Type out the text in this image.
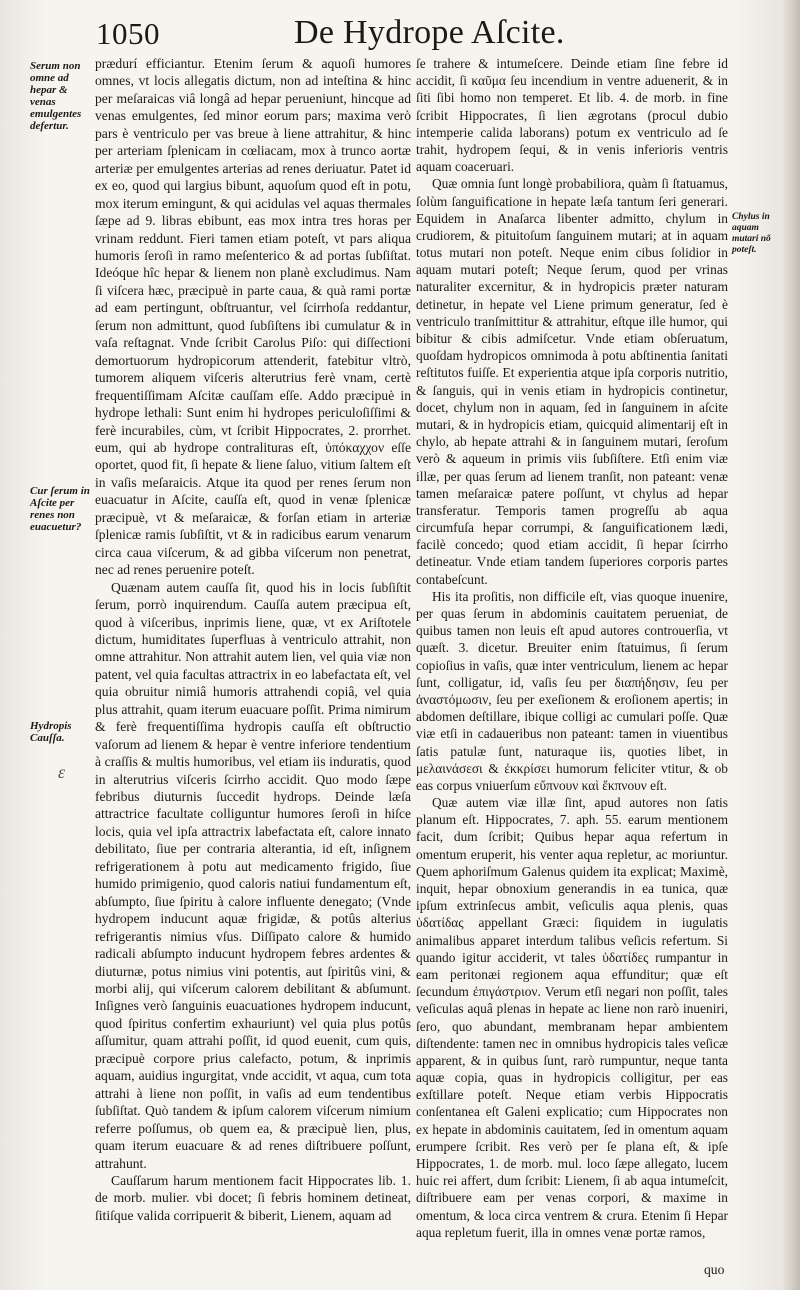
1050	De Hydrope Aſcite.
Serum non omne ad hepar & venas emulgentes defertur.
Cur ſerum in Aſcite per renes non euacuetur?
Hydropis Cauſſa.
ɛ
Chylus in aquam mutari nõ poteſt.

prædurí efficiantur. Etenim ſerum & aquoſi humores omnes, vt locis allegatis dictum, non ad inteſtina & hinc per meſaraicas viâ longâ ad hepar perueniunt, hincque ad venas emulgentes, ſed minor eorum pars; maxima verò pars è ventriculo per vas breue à liene attrahitur, & hinc per arteriam ſplenicam in cœliacam, mox à trunco aortæ arteriæ per emulgentes arterias ad renes deriuatur. Patet id ex eo, quod qui largius bibunt, aquoſum quod eſt in potu, mox iterum emingunt, & qui acidulas vel aquas thermales ſæpe ad 9. libras ebibunt, eas mox intra tres horas per vrinam reddunt. Fieri tamen etiam poteſt, vt pars aliqua humoris ſeroſi in ramo meſenterico & ad portas ſubſiſtat. Ideóque hîc hepar & lienem non planè excludimus. Nam ſi viſcera hæc, præcipuè in parte caua, & quà rami portæ ad eam pertingunt, obſtruantur, vel ſcirrhoſa reddantur, ſerum non admittunt, quod ſubſiſtens ibi cumulatur & in vaſa reſtagnat. Vnde ſcribit Carolus Piſo: qui diſſectioni demortuorum hydropicorum attenderit, fatebitur vltrò, tumorem aliquem viſceris alterutrius ferè vnam, certè frequentiſſimam Aſcitæ cauſſam eſſe. Addo præcipuè in hydrope lethali: Sunt enim hi hydropes periculoſiſſimi & ferè incurabiles, cùm, vt ſcribit Hippocrates, 2. prorrhet. eum, qui ab hydrope contralituras eſt, ὑπόκαχχον eſſe oportet, quod fit, ſi hepate & liene ſaluo, vitium ſaltem eſt in vaſis meſaraicis. Atque ita quod per renes ſerum non euacuatur in Aſcite, cauſſa eſt, quod in venæ ſplenicæ præcipuè, vt & meſaraicæ, & forſan etiam in arteriæ ſplenicæ ramis ſubſiſtit, vt & in radicibus earum venarum circa caua viſcerum, & ad gibba viſcerum non penetrat, nec ad renes peruenire poteſt.

Quænam autem cauſſa ſit, quod his in locis ſubſiſtit ſerum, porrò inquirendum. Cauſſa autem præcipua eſt, quod à viſceribus, inprimis liene, quæ, vt ex Ariſtotele dictum, humiditates ſuperfluas à ventriculo attrahit, non omne attrahitur. Non attrahit autem lien, vel quia viæ non patent, vel quia facultas attractrix in eo labefactata eſt, vel quia obruitur nimiâ humoris attrahendi copiâ, vel quia plus attrahit, quam iterum euacuare poſſit. Prima nimirum & ferè frequentiſſima hydropis cauſſa eſt obſtructio vaſorum ad lienem & hepar è ventre inferiore tendentium à craſſis & multis humoribus, vel etiam iis induratis, quod in alterutrius viſceris ſcirrho accidit. Quo modo ſæpe febribus diuturnis ſuccedit hydrops. Deinde læſa attractrice facultate colliguntur humores ſeroſi in hiſce locis, quia vel ipſa attractrix labefactata eſt, calore innato debilitato, ſiue per contraria alterantia, id eſt, inſignem refrigerationem à potu aut medicamento frigido, ſiue humido primigenio, quod caloris natiui fundamentum eſt, abſumpto, ſiue ſpiritu à calore influente denegato; (Vnde hydropem inducunt aquæ frigidæ, & potûs alterius refrigerantis nimius vſus. Diſſipato calore & humido radicali abſumpto inducunt hydropem febres ardentes & diuturnæ, potus nimius vini potentis, aut ſpiritûs vini, & morbi alij, qui viſcerum calorem debilitant & abſumunt. Inſignes verò ſanguinis euacuationes hydropem inducunt, quod ſpiritus confertim exhauriunt) vel quia plus potûs aſſumitur, quam attrahi poſſit, id quod euenit, cum quis, præcipuè corpore prius calefacto, potum, & inprimis aquam, auidius ingurgitat, vnde accidit, vt aqua, cum tota attrahi à liene non poſſit, in vaſis ad eum tendentibus ſubſiſtat. Quò tandem & ipſum calorem viſcerum nimium referre poſſumus, ob quem ea, & præcipuè lien, plus, quam iterum euacuare & ad renes diſtribuere poſſunt, attrahunt.

Cauſſarum harum mentionem facit Hippocrates lib. 1. de morb. mulier. vbi docet; ſi febris hominem detineat, ſitiſque valida corripuerit & biberit, Lienem, aquam ad

ſe trahere & intumeſcere. Deinde etiam ſine febre id accidit, ſi καῦμα ſeu incendium in ventre aduenerit, & in ſiti ſibi homo non temperet. Et lib. 4. de morb. in fine ſcribit Hippocrates, ſi lien ægrotans (procul dubio intemperie calida laborans) potum ex ventriculo ad ſe trahit, hydropem ſequi, & in venis inferioris ventris aquam coaceruari.

Quæ omnia ſunt longè probabiliora, quàm ſi ſtatuamus, ſolùm ſanguificatione in hepate læſa tantum ſeri generari. Equidem in Anaſarca libenter admitto, chylum in crudiorem, & pituitoſum ſanguinem mutari; at in aquam totus mutari non poteſt. Neque enim cibus ſolidior in aquam mutari poteſt; Neque ſerum, quod per vrinas naturaliter excernitur, & in hydropicis præter naturam detinetur, in hepate vel Liene primum generatur, ſed è ventriculo tranſmittitur & attrahitur, eſtque ille humor, qui bibitur & cibis admiſcetur. Vnde etiam obſeruatum, quoſdam hydropicos omnimoda à potu abſtinentia ſanitati reſtitutos fuiſſe. Et experientia atque ipſa corporis nutritio, & ſanguis, qui in venis etiam in hydropicis continetur, docet, chylum non in aquam, ſed in ſanguinem in aſcite mutari, & in hydropicis etiam, quicquid alimentarij eſt in chylo, ab hepate attrahi & in ſanguinem mutari, ſeroſum verò & aqueum in primis viis ſubſiſtere. Etſi enim viæ illæ, per quas ſerum ad lienem tranſit, non pateant: venæ tamen meſaraicæ patere poſſunt, vt chylus ad hepar transferatur. Temporis tamen progreſſu ab aqua circumfuſa hepar corrumpi, & ſanguificationem lædi, facilè concedo; quod etiam accidit, ſi hepar ſcirrho detineatur. Vnde etiam tandem ſuperiores corporis partes contabeſcunt.

His ita proſitis, non difficile eſt, vias quoque inuenire, per quas ſerum in abdominis cauitatem perueniat, de quibus tamen non leuis eſt apud autores controuerſia, vt quæſt. 3. dicetur. Breuiter enim ſtatuimus, ſi ſerum copioſius in vaſis, quæ inter ventriculum, lienem ac hepar ſunt, colligatur, id, vaſis ſeu per διαπήδησιν, ſeu per ἀναστόμωσιν, ſeu per exeſionem & eroſionem apertis; in abdomen deſtillare, ibique colligi ac cumulari poſſe. Quæ viæ etſi in cadaueribus non pateant: tamen in viuentibus ſatis patulæ ſunt, naturaque iis, quoties libet, in μελαινάσεσι & ἐκκρίσει humorum feliciter vtitur, & ob eas corpus vniuerſum εὔπνουν καὶ ἔκπνουν eſt.

Quæ autem viæ illæ ſint, apud autores non ſatis planum eſt. Hippocrates, 7. aph. 55. earum mentionem facit, dum ſcribit; Quibus hepar aqua refertum in omentum eruperit, his venter aqua repletur, ac moriuntur. Quem aphoriſmum Galenus quidem ita explicat; Maximè, inquit, hepar obnoxium generandis in ea tunica, quæ ipſum extrinſecus ambit, veſiculis aqua plenis, quas ὑδατίδας appellant Græci: ſiquidem in iugulatis animalibus apparet interdum talibus veſicis refertum. Si quando igitur acciderit, vt tales ὑδατίδες rumpantur in eam peritonæi regionem aqua effunditur; quæ eſt ſecundum ἐπιγάστριον. Verum etſi negari non poſſit, tales veſiculas aquâ plenas in hepate ac liene non rarò inueniri, ſero, quo abundant, membranam hepar ambientem diſtendente: tamen nec in omnibus hydropicis tales veſicæ apparent, & in quibus ſunt, rarò rumpuntur, neque tanta aquæ copia, quas in hydropicis colligitur, per eas exſtillare poteſt. Neque etiam verbis Hippocratis conſentanea eſt Galeni explicatio; cum Hippocrates non ex hepate in abdominis cauitatem, ſed in omentum aquam erumpere ſcribit. Res verò per ſe plana eſt, & ipſe Hippocrates, 1. de morb. mul. loco ſæpe allegato, lucem huic rei affert, dum ſcribit: Lienem, ſi ab aqua intumeſcit, diſtribuere eam per venas corpori, & maxime in omentum, & loca circa ventrem & crura. Etenim ſi Hepar aqua repletum fuerit, illa in omnes venæ portæ ramos,

quo
